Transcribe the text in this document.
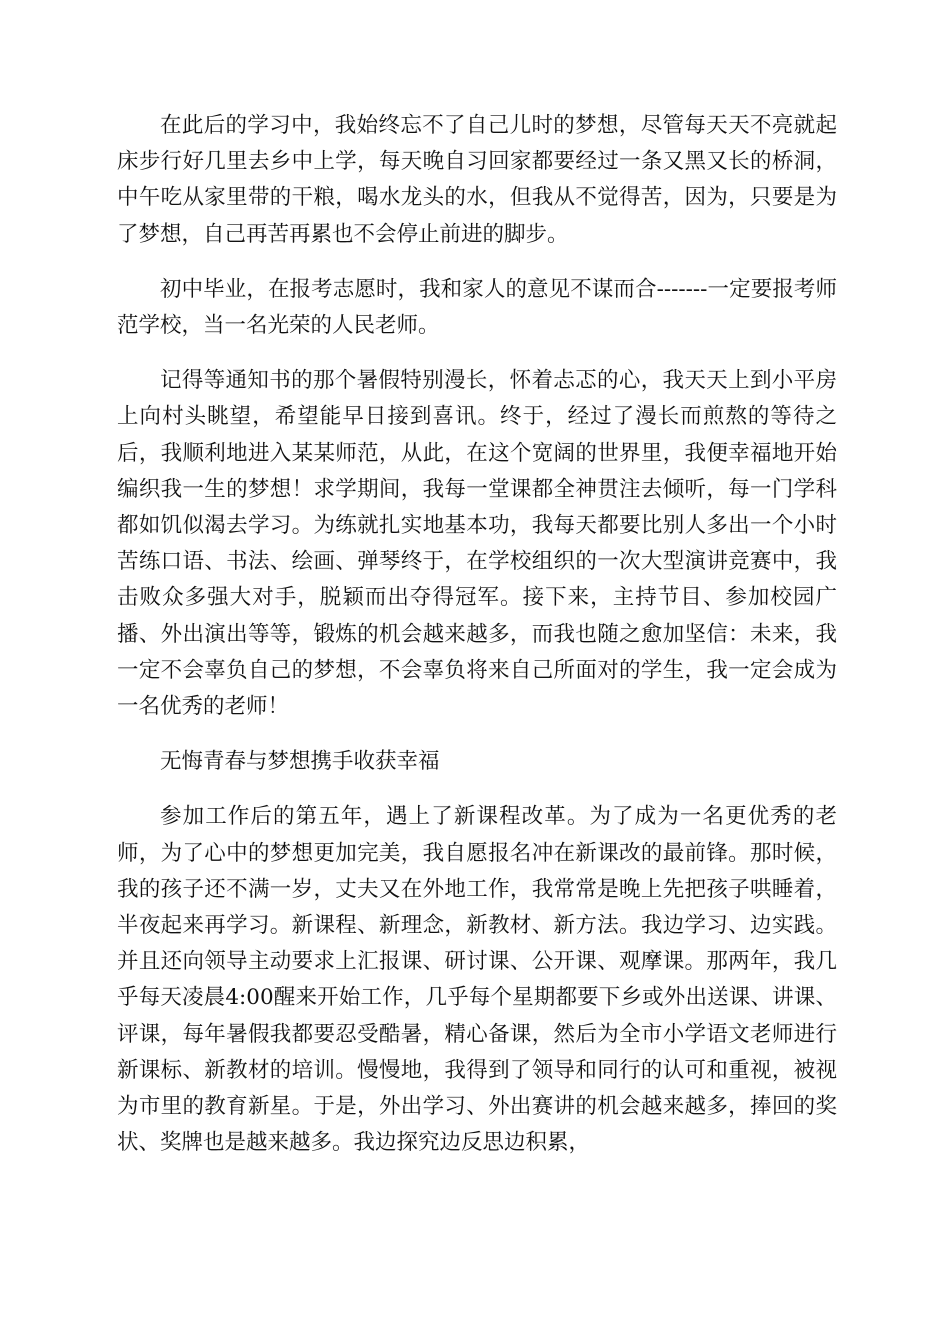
在此后的学习中，我始终忘不了自己儿时的梦想，尽管每天天不亮就起床步行好几里去乡中上学，每天晚自习回家都要经过一条又黑又长的桥洞，中午吃从家里带的干粮，喝水龙头的水，但我从不觉得苦，因为，只要是为了梦想，自己再苦再累也不会停止前进的脚步。

初中毕业，在报考志愿时，我和家人的意见不谋而合-------一定要报考师范学校，当一名光荣的人民老师。

记得等通知书的那个暑假特别漫长，怀着忐忑的心，我天天上到小平房上向村头眺望，希望能早日接到喜讯。终于，经过了漫长而煎熬的等待之后，我顺利地进入某某师范，从此，在这个宽阔的世界里，我便幸福地开始编织我一生的梦想！求学期间，我每一堂课都全神贯注去倾听，每一门学科都如饥似渴去学习。为练就扎实地基本功，我每天都要比别人多出一个小时苦练口语、书法、绘画、弹琴终于，在学校组织的一次大型演讲竞赛中，我击败众多强大对手，脱颖而出夺得冠军。接下来，主持节目、参加校园广播、外出演出等等，锻炼的机会越来越多，而我也随之愈加坚信：未来，我一定不会辜负自己的梦想，不会辜负将来自己所面对的学生，我一定会成为一名优秀的老师！

无悔青春与梦想携手收获幸福

参加工作后的第五年，遇上了新课程改革。为了成为一名更优秀的老师，为了心中的梦想更加完美，我自愿报名冲在新课改的最前锋。那时候，我的孩子还不满一岁，丈夫又在外地工作，我常常是晚上先把孩子哄睡着，半夜起来再学习。新课程、新理念，新教材、新方法。我边学习、边实践。并且还向领导主动要求上汇报课、研讨课、公开课、观摩课。那两年，我几乎每天凌晨4:00醒来开始工作，几乎每个星期都要下乡或外出送课、讲课、评课，每年暑假我都要忍受酷暑，精心备课，然后为全市小学语文老师进行新课标、新教材的培训。慢慢地，我得到了领导和同行的认可和重视，被视为市里的教育新星。于是，外出学习、外出赛讲的机会越来越多，捧回的奖状、奖牌也是越来越多。我边探究边反思边积累，
